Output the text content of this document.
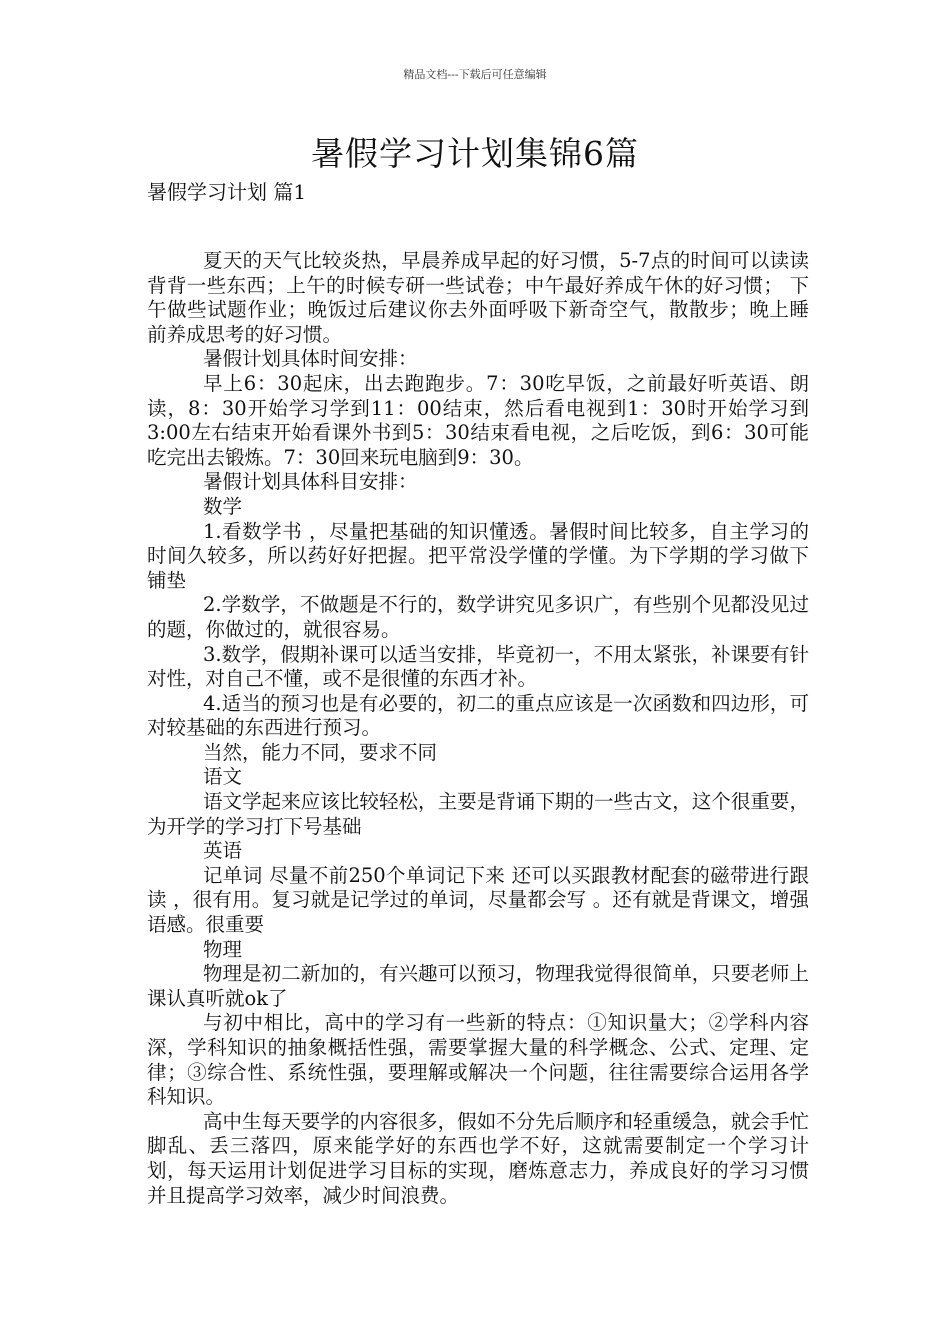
精品文档---下载后可任意编辑
暑假学习计划集锦6篇
暑假学习计划 篇1

夏天的天气比较炎热，早晨养成早起的好习惯，5-7点的时间可以读读背背一些东西；上午的时候专研一些试卷；中午最好养成午休的好习惯； 下午做些试题作业；晚饭过后建议你去外面呼吸下新奇空气，散散步；晚上睡前养成思考的好习惯。

暑假计划具体时间安排：

早上6：30起床，出去跑跑步。7：30吃早饭，之前最好听英语、朗读，8：30开始学习学到11：00结束，然后看电视到1：30时开始学习到3:00左右结束开始看课外书到5：30结束看电视，之后吃饭，到6：30可能吃完出去锻炼。7：30回来玩电脑到9：30。

暑假计划具体科目安排：

数学

1.看数学书 ，尽量把基础的知识懂透。暑假时间比较多，自主学习的时间久较多，所以药好好把握。把平常没学懂的学懂。为下学期的学习做下铺垫

2.学数学，不做题是不行的，数学讲究见多识广，有些别个见都没见过的题，你做过的，就很容易。

3.数学，假期补课可以适当安排，毕竟初一，不用太紧张，补课要有针对性，对自己不懂，或不是很懂的东西才补。

4.适当的预习也是有必要的，初二的重点应该是一次函数和四边形，可对较基础的东西进行预习。

当然，能力不同，要求不同

语文

语文学起来应该比较轻松，主要是背诵下期的一些古文，这个很重要，为开学的学习打下号基础

英语

记单词 尽量不前250个单词记下来 还可以买跟教材配套的磁带进行跟读 ，很有用。复习就是记学过的单词，尽量都会写 。还有就是背课文，增强语感。很重要

物理

物理是初二新加的，有兴趣可以预习，物理我觉得很简单，只要老师上课认真听就ok了

与初中相比，高中的学习有一些新的特点：①知识量大；②学科内容深，学科知识的抽象概括性强，需要掌握大量的科学概念、公式、定理、定律；③综合性、系统性强，要理解或解决一个问题，往往需要综合运用各学科知识。

高中生每天要学的内容很多，假如不分先后顺序和轻重缓急，就会手忙脚乱、丢三落四，原来能学好的东西也学不好，这就需要制定一个学习计划，每天运用计划促进学习目标的实现，磨炼意志力，养成良好的学习习惯并且提高学习效率，减少时间浪费。
